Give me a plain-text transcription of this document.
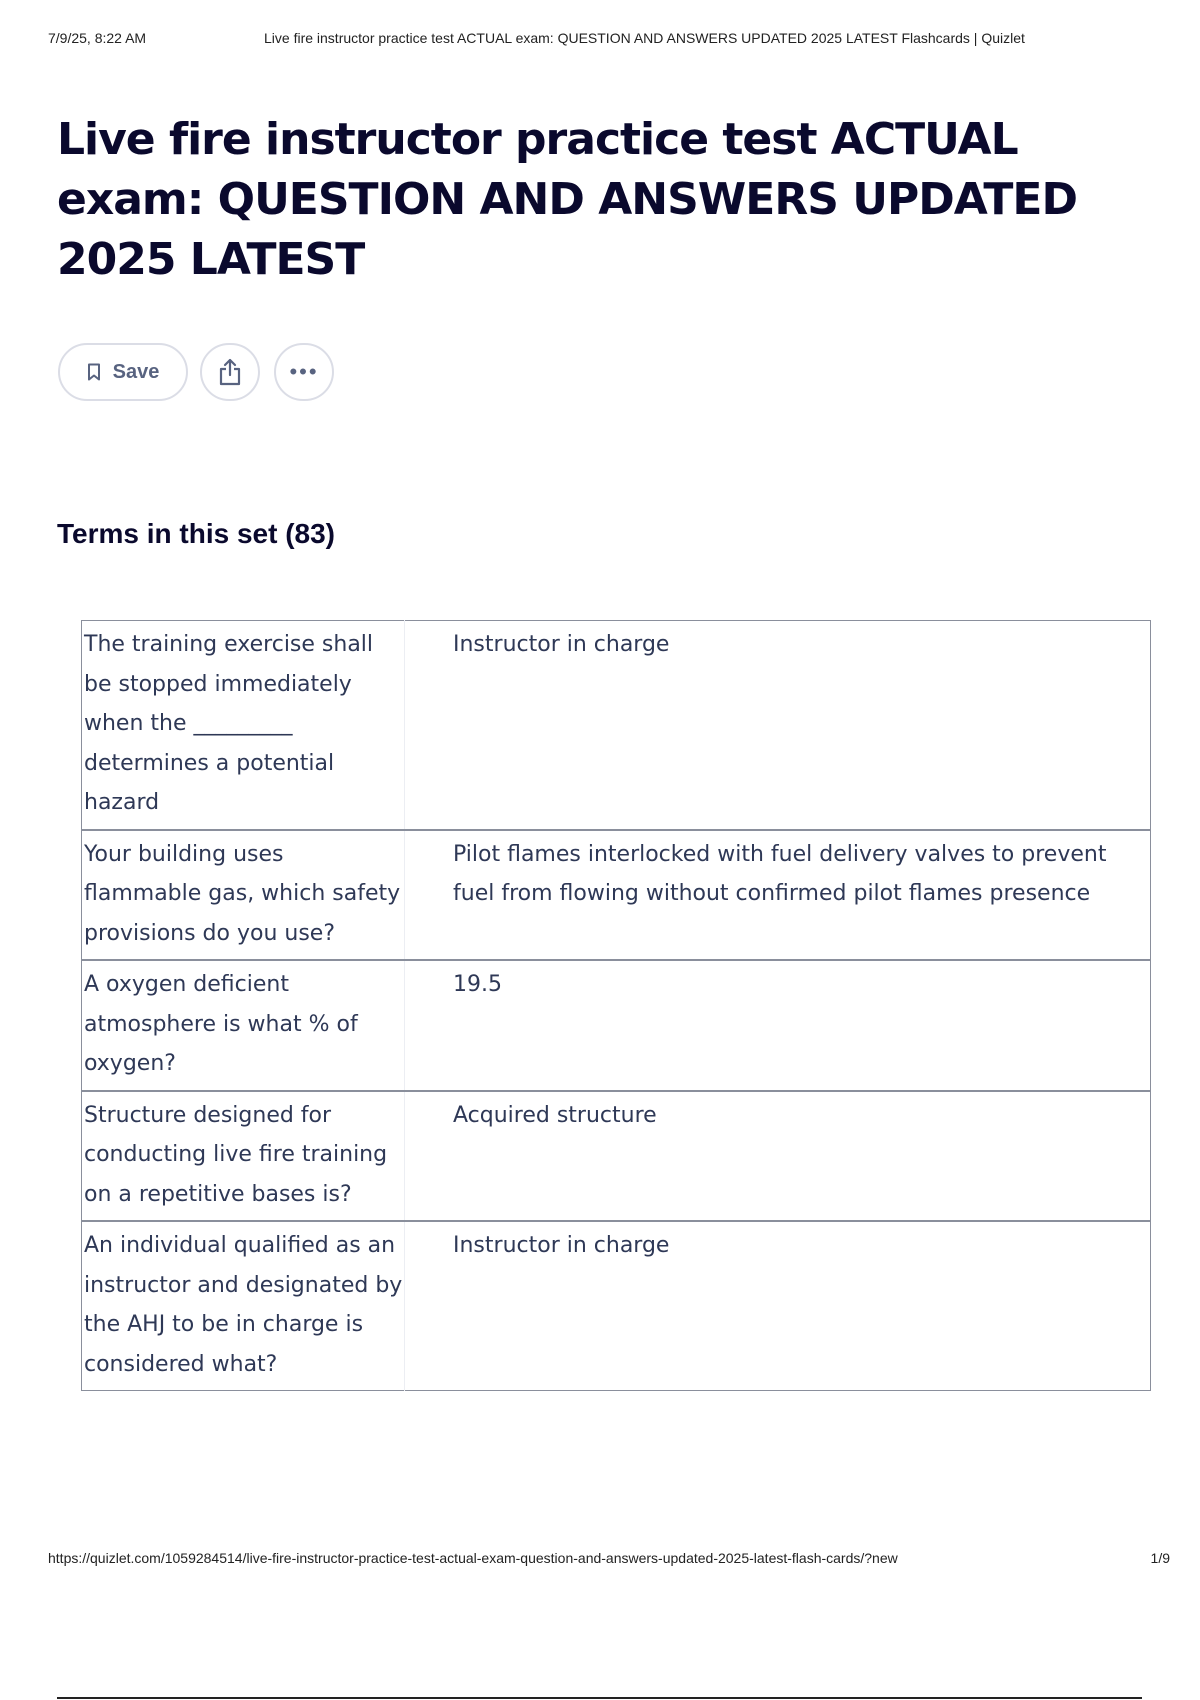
7/9/25, 8:22 AM	Live fire instructor practice test ACTUAL exam: QUESTION AND ANSWERS UPDATED 2025 LATEST Flashcards | Quizlet
Live fire instructor practice test ACTUAL exam: QUESTION AND ANSWERS UPDATED 2025 LATEST
Save	•••
Terms in this set (83)
The training exercise shall be stopped immediately when the _________ determines a potential hazard	Instructor in charge
Your building uses flammable gas, which safety provisions do you use?	Pilot flames interlocked with fuel delivery valves to prevent fuel from flowing without confirmed pilot flames presence
A oxygen deficient atmosphere is what % of oxygen?	19.5
Structure designed for conducting live fire training on a repetitive bases is?	Acquired structure
An individual qualified as an instructor and designated by the AHJ to be in charge is considered what?	Instructor in charge
https://quizlet.com/1059284514/live-fire-instructor-practice-test-actual-exam-question-and-answers-updated-2025-latest-flash-cards/?new	1/9
